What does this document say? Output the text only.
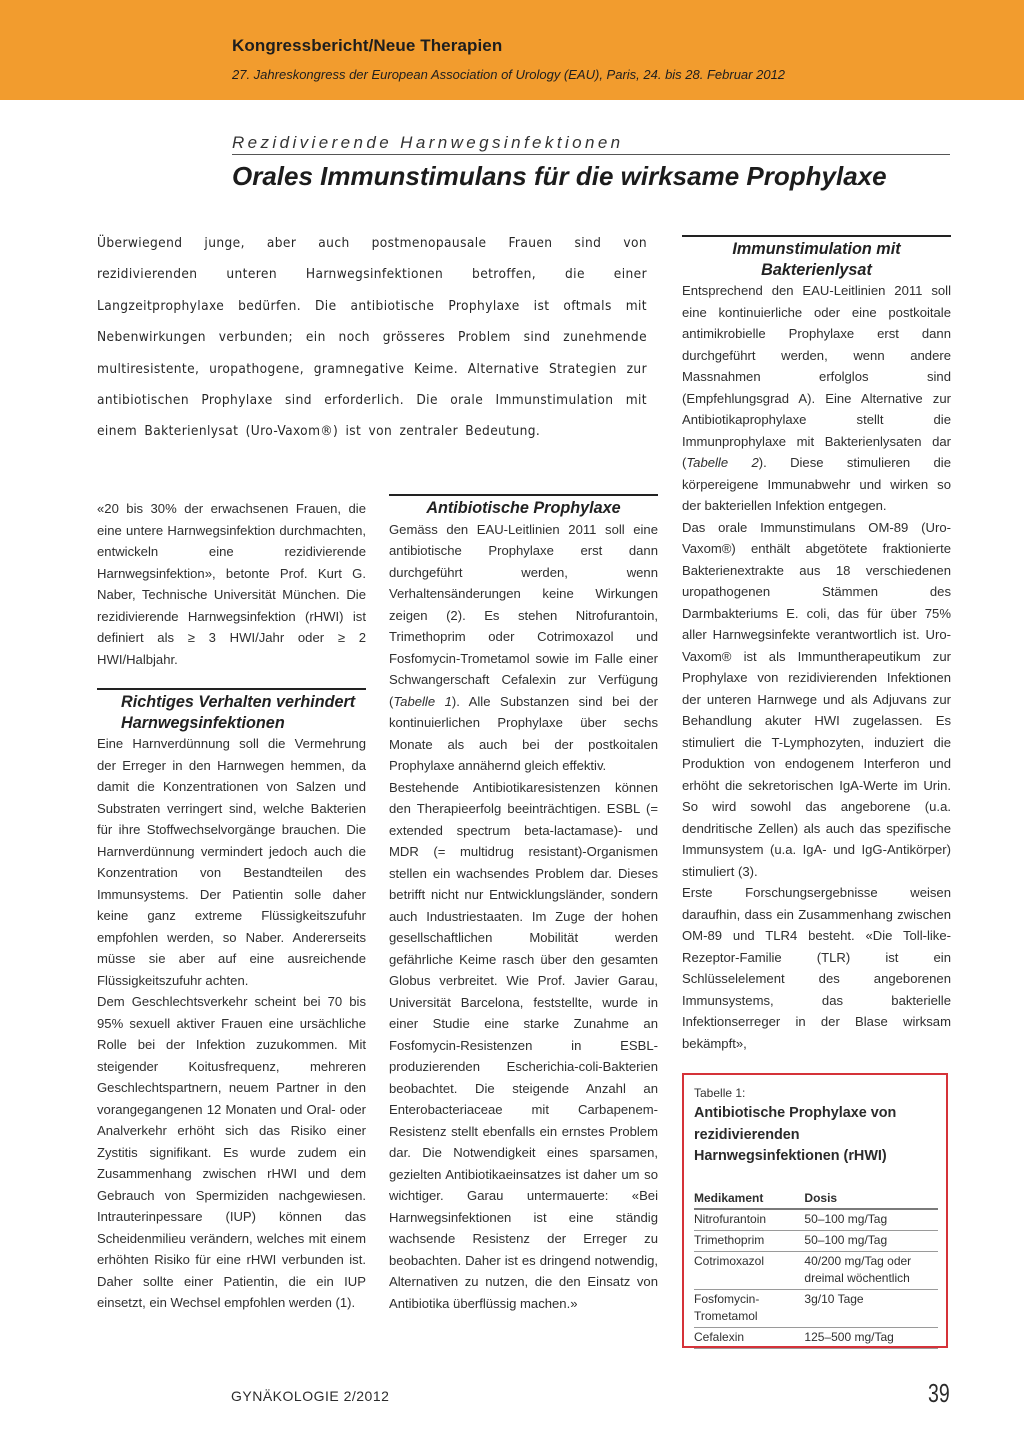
Kongressbericht/Neue Therapien
27. Jahreskongress der European Association of Urology (EAU), Paris, 24. bis 28. Februar 2012
Rezidivierende Harnwegsinfektionen
Orales Immunstimulans für die wirksame Prophylaxe
Überwiegend junge, aber auch postmenopausale Frauen sind von rezidivierenden unteren Harnwegsinfektionen betroffen, die einer Langzeitprophylaxe bedürfen. Die antibiotische Prophylaxe ist oftmals mit Nebenwirkungen verbunden; ein noch grösseres Problem sind zunehmende multiresistente, uropathogene, gramnegative Keime. Alternative Strategien zur antibiotischen Prophylaxe sind erforderlich. Die orale Immunstimulation mit einem Bakterienlysat (Uro-Vaxom®) ist von zentraler Bedeutung.

«20 bis 30% der erwachsenen Frauen, die eine untere Harnwegsinfektion durchmachten, entwickeln eine rezidivierende Harnwegsinfektion», betonte Prof. Kurt G. Naber, Technische Universität München. Die rezidivierende Harnwegsinfektion (rHWI) ist definiert als ≥ 3 HWI/Jahr oder ≥ 2 HWI/Halbjahr.

Richtiges Verhalten verhindert Harnwegsinfektionen

Eine Harnverdünnung soll die Vermehrung der Erreger in den Harnwegen hemmen, da damit die Konzentrationen von Salzen und Substraten verringert sind, welche Bakterien für ihre Stoffwechselvorgänge brauchen. Die Harnverdünnung vermindert jedoch auch die Konzentration von Bestandteilen des Immunsystems. Der Patientin solle daher keine ganz extreme Flüssigkeitszufuhr empfohlen werden, so Naber. Andererseits müsse sie aber auf eine ausreichende Flüssigkeitszufuhr achten.

Dem Geschlechtsverkehr scheint bei 70 bis 95% sexuell aktiver Frauen eine ursächliche Rolle bei der Infektion zuzukommen. Mit steigender Koitusfrequenz, mehreren Geschlechtspartnern, neuem Partner in den vorangegangenen 12 Monaten und Oral- oder Analverkehr erhöht sich das Risiko einer Zystitis signifikant. Es wurde zudem ein Zusammenhang zwischen rHWI und dem Gebrauch von Spermiziden nachgewiesen. Intrauterinpessare (IUP) können das Scheidenmilieu verändern, welches mit einem erhöhten Risiko für eine rHWI verbunden ist. Daher sollte einer Patientin, die ein IUP einsetzt, ein Wechsel empfohlen werden (1).

Antibiotische Prophylaxe

Gemäss den EAU-Leitlinien 2011 soll eine antibiotische Prophylaxe erst dann durchgeführt werden, wenn Verhaltensänderungen keine Wirkungen zeigen (2). Es stehen Nitrofurantoin, Trimethoprim oder Cotrimoxazol und Fosfomycin-Trometamol sowie im Falle einer Schwangerschaft Cefalexin zur Verfügung (Tabelle 1). Alle Substanzen sind bei der kontinuierlichen Prophylaxe über sechs Monate als auch bei der postkoitalen Prophylaxe annähernd gleich effektiv.

Bestehende Antibiotikaresistenzen können den Therapieerfolg beeinträchtigen. ESBL (= extended spectrum beta-lactamase)- und MDR (= multidrug resistant)-Organismen stellen ein wachsendes Problem dar. Dieses betrifft nicht nur Entwicklungsländer, sondern auch Industriestaaten. Im Zuge der hohen gesellschaftlichen Mobilität werden gefährliche Keime rasch über den gesamten Globus verbreitet. Wie Prof. Javier Garau, Universität Barcelona, feststellte, wurde in einer Studie eine starke Zunahme an Fosfomycin-Resistenzen in ESBL-produzierenden Escherichia-coli-Bakterien beobachtet. Die steigende Anzahl an Enterobacteriaceae mit Carbapenem-Resistenz stellt ebenfalls ein ernstes Problem dar. Die Notwendigkeit eines sparsamen, gezielten Antibiotikaeinsatzes ist daher um so wichtiger. Garau untermauerte: «Bei Harnwegsinfektionen ist eine ständig wachsende Resistenz der Erreger zu beobachten. Daher ist es dringend notwendig, Alternativen zu nutzen, die den Einsatz von Antibiotika überflüssig machen.»

Immunstimulation mit Bakterienlysat

Entsprechend den EAU-Leitlinien 2011 soll eine kontinuierliche oder eine postkoitale antimikrobielle Prophylaxe erst dann durchgeführt werden, wenn andere Massnahmen erfolglos sind (Empfehlungsgrad A). Eine Alternative zur Antibiotikaprophylaxe stellt die Immunprophylaxe mit Bakterienlysaten dar (Tabelle 2). Diese stimulieren die körpereigene Immunabwehr und wirken so der bakteriellen Infektion entgegen.

Das orale Immunstimulans OM-89 (Uro-Vaxom®) enthält abgetötete fraktionierte Bakterienextrakte aus 18 verschiedenen uropathogenen Stämmen des Darmbakteriums E. coli, das für über 75% aller Harnwegsinfekte verantwortlich ist. Uro-Vaxom® ist als Immuntherapeutikum zur Prophylaxe von rezidivierenden Infektionen der unteren Harnwege und als Adjuvans zur Behandlung akuter HWI zugelassen. Es stimuliert die T-Lymphozyten, induziert die Produktion von endogenem Interferon und erhöht die sekretorischen IgA-Werte im Urin. So wird sowohl das angeborene (u.a. dendritische Zellen) als auch das spezifische Immunsystem (u.a. IgA- und IgG-Antikörper) stimuliert (3).

Erste Forschungsergebnisse weisen daraufhin, dass ein Zusammenhang zwischen OM-89 und TLR4 besteht. «Die Toll-like-Rezeptor-Familie (TLR) ist ein Schlüsselelement des angeborenen Immunsystems, das bakterielle Infektionserreger in der Blase wirksam bekämpft»,

Tabelle 1:
Antibiotische Prophylaxe von rezidivierenden Harnwegsinfektionen (rHWI)
Medikament	Dosis
Nitrofurantoin	50–100 mg/Tag
Trimethoprim	50–100 mg/Tag
Cotrimoxazol	40/200 mg/Tag oder dreimal wöchentlich
Fosfomycin-Trometamol	3g/10 Tage
Cefalexin	125–500 mg/Tag
GYNÄKOLOGIE 2/2012	39
